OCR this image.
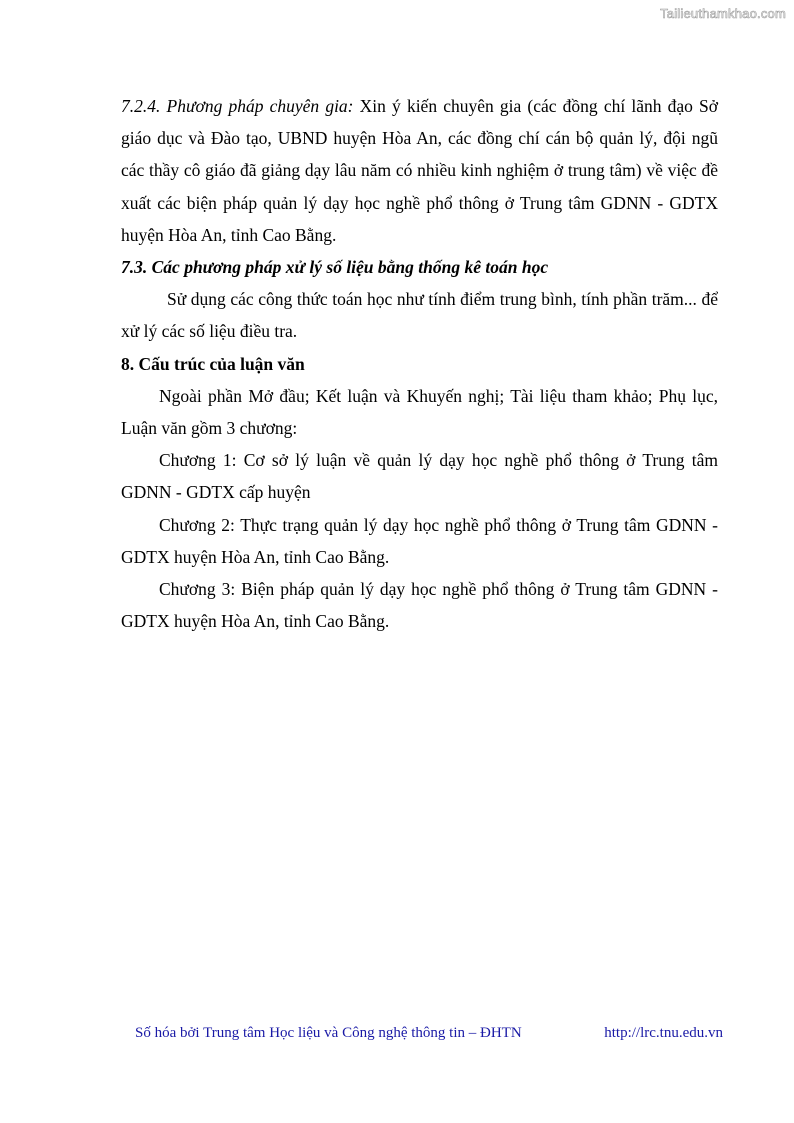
Tailieuthamkhao.com

7.2.4. Phương pháp chuyên gia: Xin ý kiến chuyên gia (các đồng chí lãnh đạo Sở giáo dục và Đào tạo, UBND huyện Hòa An, các đồng chí cán bộ quản lý, đội ngũ các thầy cô giáo đã giảng dạy lâu năm có nhiều kinh nghiệm ở trung tâm) về việc đề xuất các biện pháp quản lý dạy học nghề phổ thông ở Trung tâm GDNN - GDTX huyện Hòa An, tỉnh Cao Bằng.

7.3. Các phương pháp xử lý số liệu bằng thống kê toán học

Sử dụng các công thức toán học như tính điểm trung bình, tính phần trăm... để xử lý các số liệu điều tra.

8. Cấu trúc của luận văn

Ngoài phần Mở đầu; Kết luận và Khuyến nghị; Tài liệu tham khảo; Phụ lục, Luận văn gồm 3 chương:

Chương 1: Cơ sở lý luận về quản lý dạy học nghề phổ thông ở Trung tâm GDNN - GDTX cấp huyện

Chương 2: Thực trạng quản lý dạy học nghề phổ thông ở Trung tâm GDNN - GDTX huyện Hòa An, tỉnh Cao Bằng.

Chương 3: Biện pháp quản lý dạy học nghề phổ thông ở Trung tâm GDNN - GDTX huyện Hòa An, tỉnh Cao Bằng.

Số hóa bởi Trung tâm Học liệu và Công nghệ thông tin – ĐHTN	http://lrc.tnu.edu.vn
